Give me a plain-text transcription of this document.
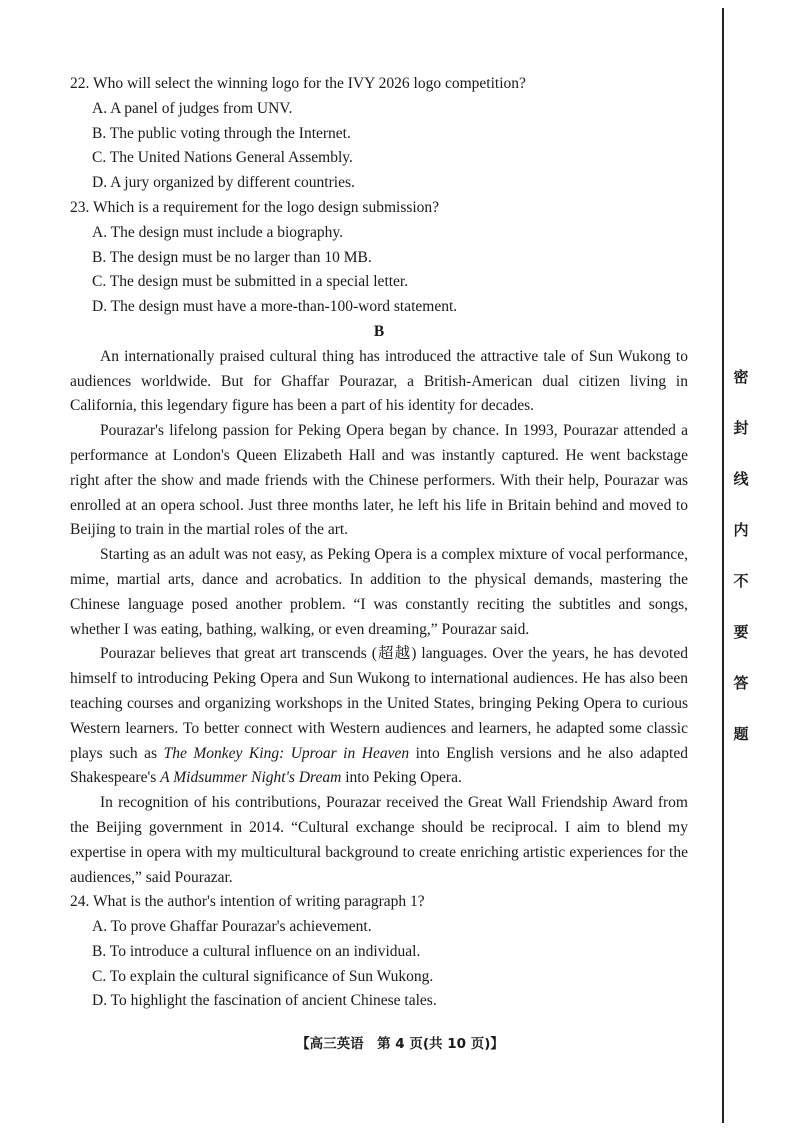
22. Who will select the winning logo for the IVY 2026 logo competition?

A. A panel of judges from UNV.

B. The public voting through the Internet.

C. The United Nations General Assembly.

D. A jury organized by different countries.

23. Which is a requirement for the logo design submission?

A. The design must include a biography.

B. The design must be no larger than 10 MB.

C. The design must be submitted in a special letter.

D. The design must have a more-than-100-word statement.

B

An internationally praised cultural thing has introduced the attractive tale of Sun Wukong to audiences worldwide. But for Ghaffar Pourazar, a British-American dual citizen living in California, this legendary figure has been a part of his identity for decades.

Pourazar's lifelong passion for Peking Opera began by chance. In 1993, Pourazar attended a performance at London's Queen Elizabeth Hall and was instantly captured. He went backstage right after the show and made friends with the Chinese performers. With their help, Pourazar was enrolled at an opera school. Just three months later, he left his life in Britain behind and moved to Beijing to train in the martial roles of the art.

Starting as an adult was not easy, as Peking Opera is a complex mixture of vocal performance, mime, martial arts, dance and acrobatics. In addition to the physical demands, mastering the Chinese language posed another problem. “I was constantly reciting the subtitles and songs, whether I was eating, bathing, walking, or even dreaming,” Pourazar said.

Pourazar believes that great art transcends (超越) languages. Over the years, he has devoted himself to introducing Peking Opera and Sun Wukong to international audiences. He has also been teaching courses and organizing workshops in the United States, bringing Peking Opera to curious Western learners. To better connect with Western audiences and learners, he adapted some classic plays such as The Monkey King: Uproar in Heaven into English versions and he also adapted Shakespeare's A Midsummer Night's Dream into Peking Opera.

In recognition of his contributions, Pourazar received the Great Wall Friendship Award from the Beijing government in 2014. “Cultural exchange should be reciprocal. I aim to blend my expertise in opera with my multicultural background to create enriching artistic experiences for the audiences,” said Pourazar.

24. What is the author's intention of writing paragraph 1?

A. To prove Ghaffar Pourazar's achievement.

B. To introduce a cultural influence on an individual.

C. To explain the cultural significance of Sun Wukong.

D. To highlight the fascination of ancient Chinese tales.

【高三英语　第 4 页(共 10 页)】
密
封
线
内
不
要
答
题
